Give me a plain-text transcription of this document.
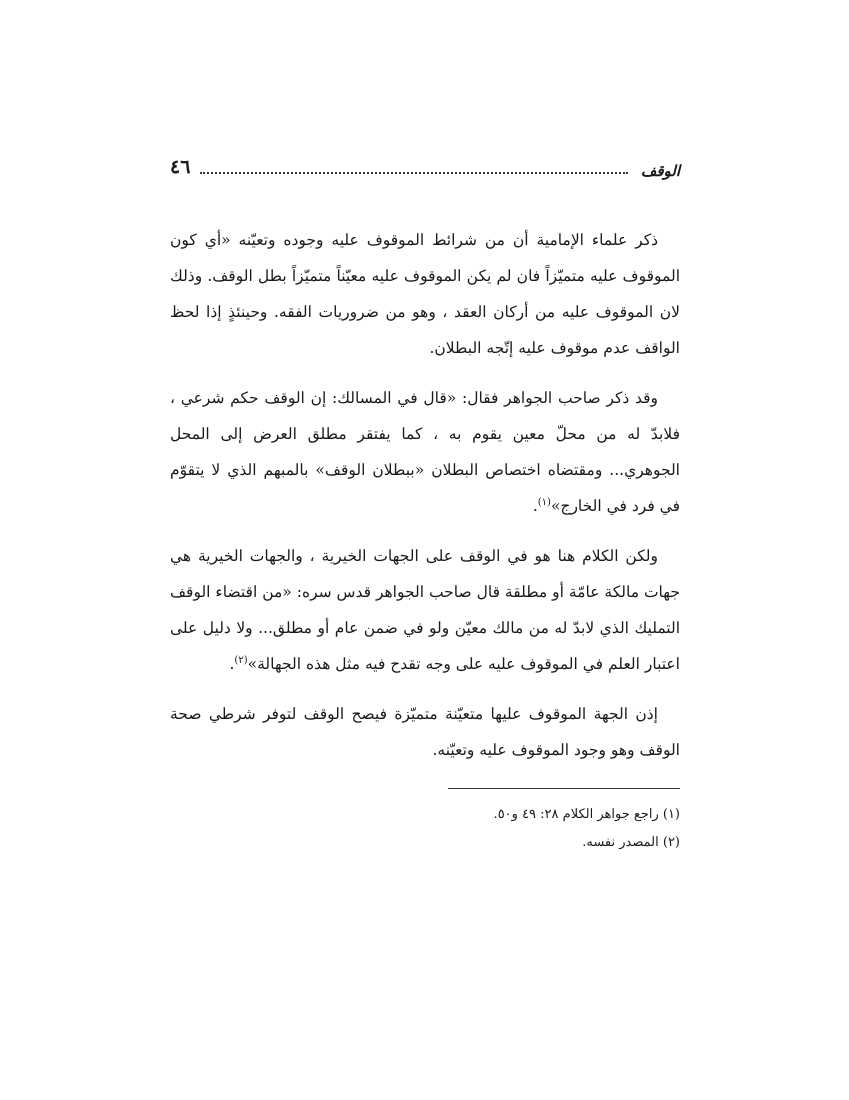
٤٦	الوقف

ذكر علماء الإمامية أن من شرائط الموقوف عليه وجوده وتعيّنه «أي كون الموقوف عليه متميّزاً فان لم يكن الموقوف عليه معيّناً متميّزاً بطل الوقف. وذلك لان الموقوف عليه من أركان العقد ، وهو من ضروريات الفقه. وحينئذٍ إذا لحظ الواقف عدم موقوف عليه إتّجه البطلان.

وقد ذكر صاحب الجواهر فقال: «قال في المسالك: إن الوقف حكم شرعي ، فلابدّ له من محلّ معين يقوم به ، كما يفتقر مطلق العرض إلى المحل الجوهري... ومقتضاه اختصاص البطلان «ببطلان الوقف» بالمبهم الذي لا يتقوّم في فرد في الخارج»$^{(١)}$.

ولكن الكلام هنا هو في الوقف على الجهات الخيرية ، والجهات الخيرية هي جهات مالكة عامّة أو مطلقة قال صاحب الجواهر قدس سره: «من اقتضاء الوقف التمليك الذي لابدّ له من مالك معيّن ولو في ضمن عام أو مطلق... ولا دليل على اعتبار العلم في الموقوف عليه على وجه تقدح فيه مثل هذه الجهالة»$^{(٢)}$.

إذن الجهة الموقوف عليها متعيّنة متميّزة فيصح الوقف لتوفر شرطي صحة الوقف وهو وجود الموقوف عليه وتعيّنه.

(١) راجع جواهر الكلام ٢٨: ٤٩ و٥٠.

(٢) المصدر نفسه.
